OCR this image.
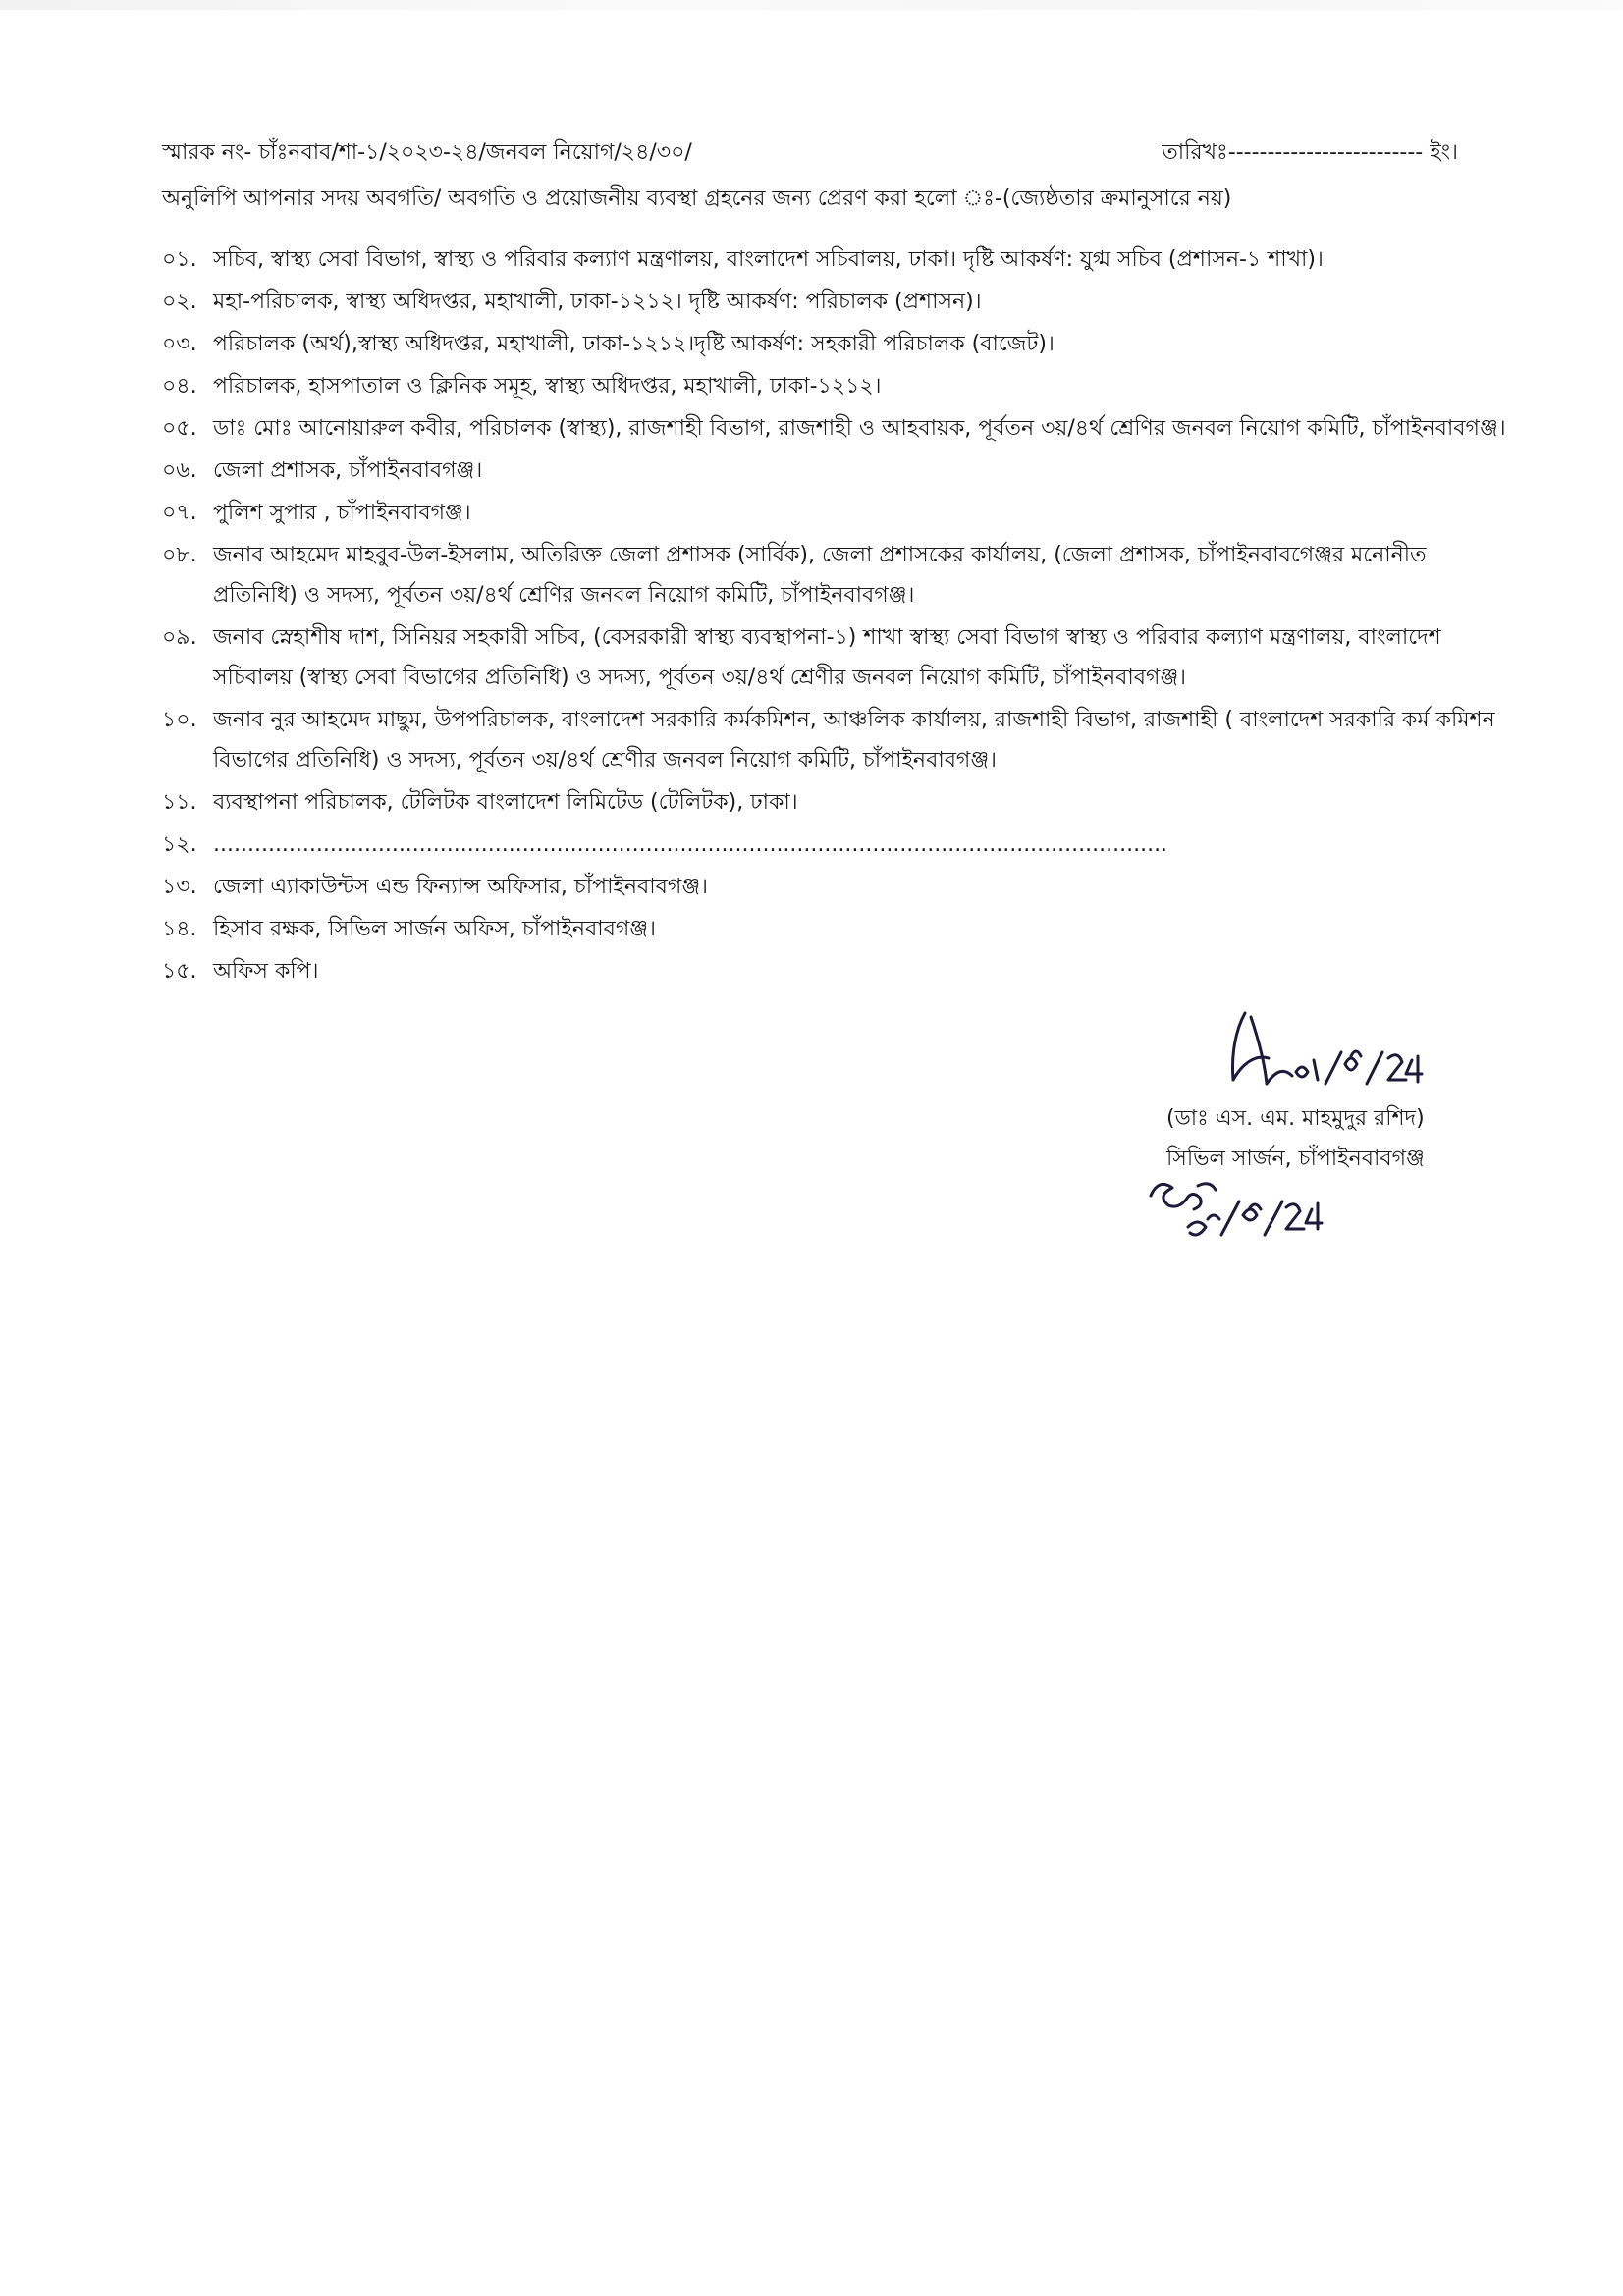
স্মারক নং- চাঁঃনবাব/শা-১/২০২৩-২৪/জনবল নিয়োগ/২৪/৩০/	তারিখঃ------------------------- ইং।
অনুলিপি আপনার সদয় অবগতি/ অবগতি ও প্রয়োজনীয় ব্যবস্থা গ্রহনের জন্য প্রেরণ করা হলো ঃ-(জ্যেষ্ঠতার ক্রমানুসারে নয়)
০১. সচিব, স্বাস্থ্য সেবা বিভাগ, স্বাস্থ্য ও পরিবার কল্যাণ মন্ত্রণালয়, বাংলাদেশ সচিবালয়, ঢাকা। দৃষ্টি আকর্ষণ: যুগ্ম সচিব (প্রশাসন-১ শাখা)।
০২. মহা-পরিচালক, স্বাস্থ্য অধিদপ্তর, মহাখালী, ঢাকা-১২১২। দৃষ্টি আকর্ষণ: পরিচালক (প্রশাসন)।
০৩. পরিচালক (অর্থ),স্বাস্থ্য অধিদপ্তর, মহাখালী, ঢাকা-১২১২।দৃষ্টি আকর্ষণ: সহকারী পরিচালক (বাজেট)।
০৪. পরিচালক, হাসপাতাল ও ক্লিনিক সমূহ, স্বাস্থ্য অধিদপ্তর, মহাখালী, ঢাকা-১২১২।
০৫. ডাঃ মোঃ আনোয়ারুল কবীর, পরিচালক (স্বাস্থ্য), রাজশাহী বিভাগ, রাজশাহী ও আহবায়ক, পূর্বতন ৩য়/৪র্থ শ্রেণির জনবল নিয়োগ কমিটি, চাঁপাইনবাবগঞ্জ।
০৬. জেলা প্রশাসক, চাঁপাইনবাবগঞ্জ।
০৭. পুলিশ সুপার , চাঁপাইনবাবগঞ্জ।
০৮. জনাব আহমেদ মাহবুব-উল-ইসলাম, অতিরিক্ত জেলা প্রশাসক (সার্বিক), জেলা প্রশাসকের কার্যালয়, (জেলা প্রশাসক, চাঁপাইনবাবগেঞ্জর মনোনীত প্রতিনিধি) ও সদস্য, পূর্বতন ৩য়/৪র্থ শ্রেণির জনবল নিয়োগ কমিটি, চাঁপাইনবাবগঞ্জ।
০৯. জনাব স্নেহাশীষ দাশ, সিনিয়র সহকারী সচিব, (বেসরকারী স্বাস্থ্য ব্যবস্থাপনা-১) শাখা স্বাস্থ্য সেবা বিভাগ স্বাস্থ্য ও পরিবার কল্যাণ মন্ত্রণালয়, বাংলাদেশ সচিবালয় (স্বাস্থ্য সেবা বিভাগের প্রতিনিধি) ও সদস্য, পূর্বতন ৩য়/৪র্থ শ্রেণীর জনবল নিয়োগ কমিটি, চাঁপাইনবাবগঞ্জ।
১০. জনাব নুর আহমেদ মাছুম, উপপরিচালক, বাংলাদেশ সরকারি কর্মকমিশন, আঞ্চলিক কার্যালয়, রাজশাহী বিভাগ, রাজশাহী ( বাংলাদেশ সরকারি কর্ম কমিশন বিভাগের প্রতিনিধি) ও সদস্য, পূর্বতন ৩য়/৪র্থ শ্রেণীর জনবল নিয়োগ কমিটি, চাঁপাইনবাবগঞ্জ।
১১. ব্যবস্থাপনা পরিচালক, টেলিটক বাংলাদেশ লিমিটেড (টেলিটক), ঢাকা।
১২. ...........................................................................................................................................
১৩. জেলা এ্যাকাউন্টস এন্ড ফিন্যান্স অফিসার, চাঁপাইনবাবগঞ্জ।
১৪. হিসাব রক্ষক, সিভিল সার্জন অফিস, চাঁপাইনবাবগঞ্জ।
১৫. অফিস কপি।
(ডাঃ এস. এম. মাহমুদুর রশিদ)
সিভিল সার্জন, চাঁপাইনবাবগঞ্জ
